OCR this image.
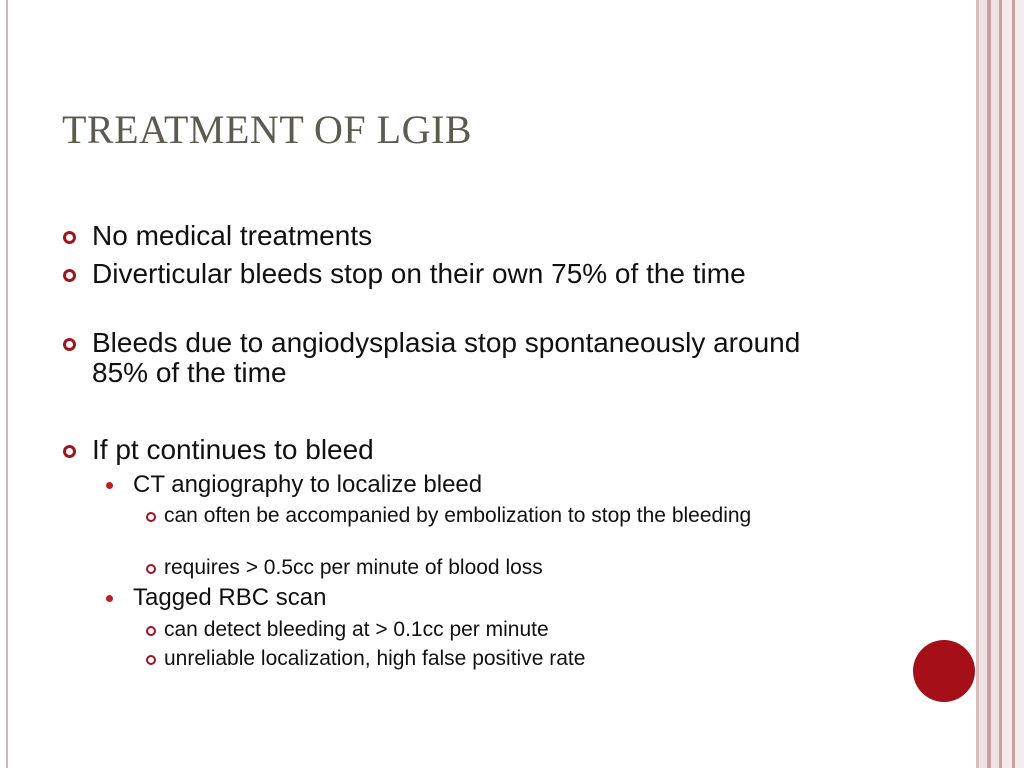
TREATMENT OF LGIB
No medical treatments
Diverticular bleeds stop on their own 75% of the time
Bleeds due to angiodysplasia stop spontaneously around 85% of the time
If pt continues to bleed
CT angiography to localize bleed
can often be accompanied by embolization to stop the bleeding
requires > 0.5cc per minute of blood loss
Tagged RBC scan
can detect bleeding at > 0.1cc per minute
unreliable localization, high false positive rate
